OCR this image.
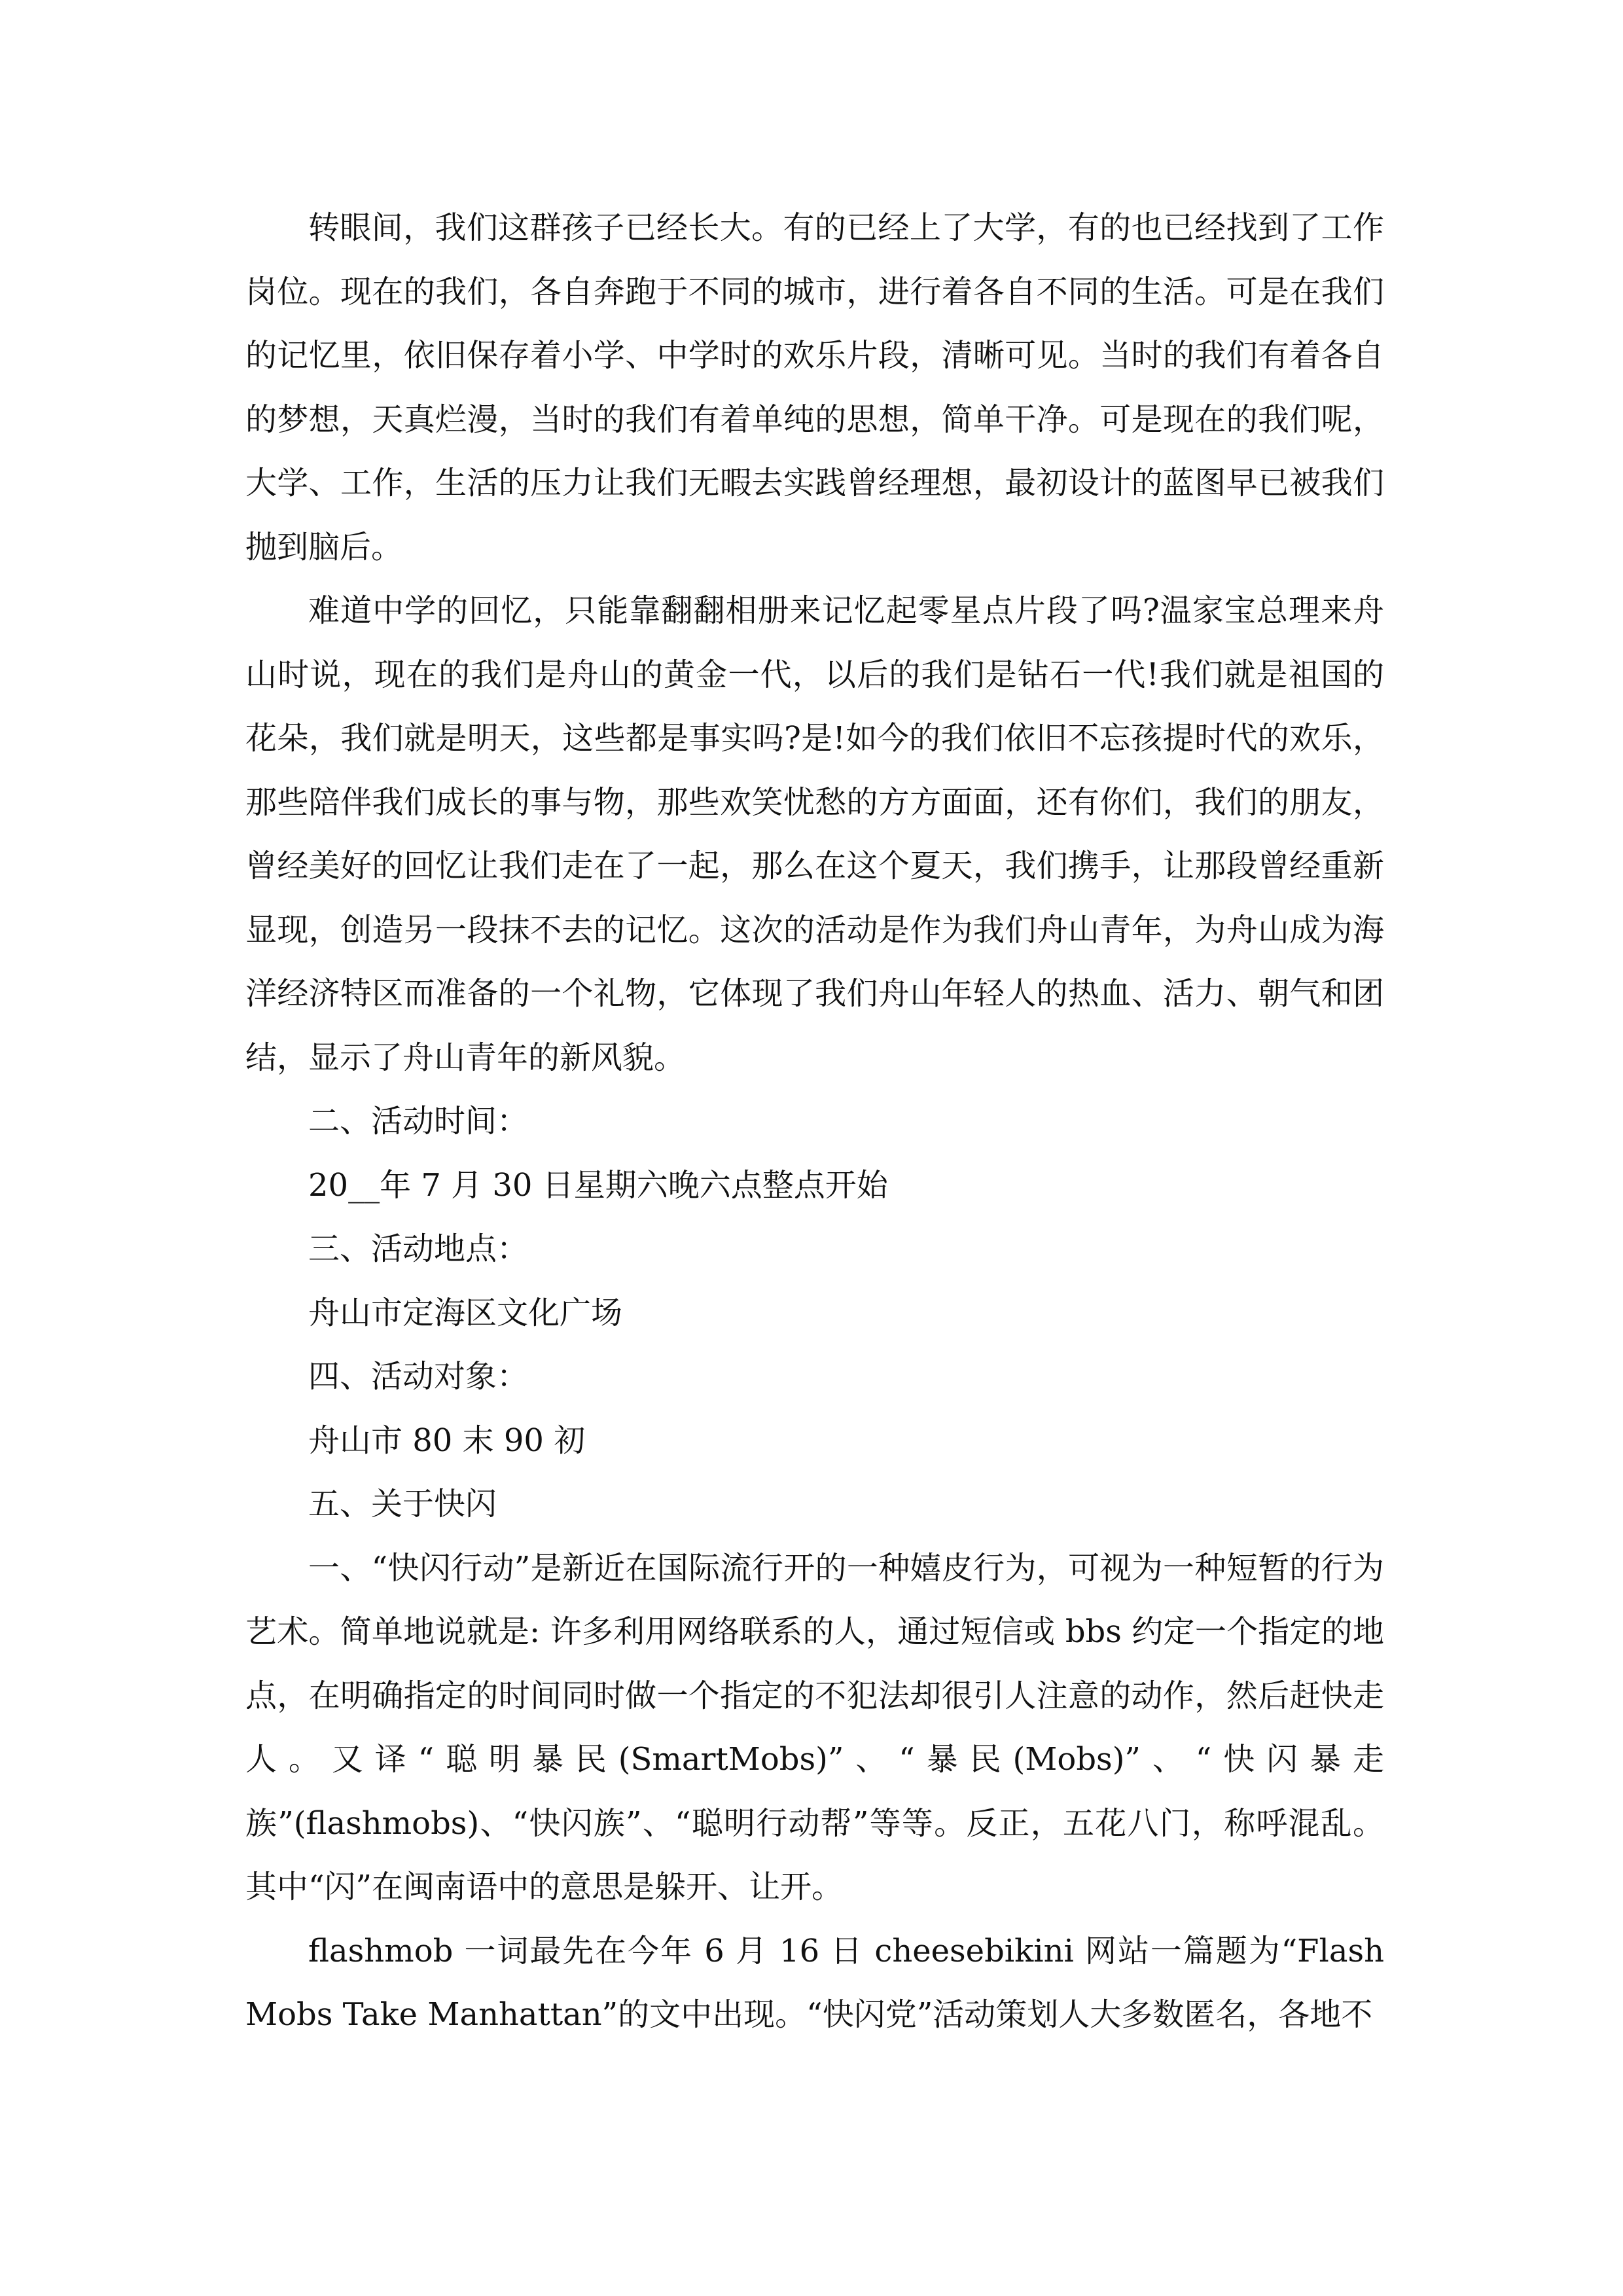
转眼间，我们这群孩子已经长大。有的已经上了大学，有的也已经找到了工作岗位。现在的我们，各自奔跑于不同的城市，进行着各自不同的生活。可是在我们的记忆里，依旧保存着小学、中学时的欢乐片段，清晰可见。当时的我们有着各自的梦想，天真烂漫，当时的我们有着单纯的思想，简单干净。可是现在的我们呢，大学、工作，生活的压力让我们无暇去实践曾经理想，最初设计的蓝图早已被我们抛到脑后。

难道中学的回忆，只能靠翻翻相册来记忆起零星点片段了吗?温家宝总理来舟山时说，现在的我们是舟山的黄金一代，以后的我们是钻石一代!我们就是祖国的花朵，我们就是明天，这些都是事实吗?是!如今的我们依旧不忘孩提时代的欢乐，那些陪伴我们成长的事与物，那些欢笑忧愁的方方面面，还有你们，我们的朋友，曾经美好的回忆让我们走在了一起，那么在这个夏天，我们携手，让那段曾经重新显现，创造另一段抹不去的记忆。这次的活动是作为我们舟山青年，为舟山成为海洋经济特区而准备的一个礼物，它体现了我们舟山年轻人的热血、活力、朝气和团结，显示了舟山青年的新风貌。

二、活动时间：

20__年 7 月 30 日星期六晚六点整点开始

三、活动地点：

舟山市定海区文化广场

四、活动对象：

舟山市 80 末 90 初

五、关于快闪

一、“快闪行动”是新近在国际流行开的一种嬉皮行为，可视为一种短暂的行为艺术。简单地说就是: 许多利用网络联系的人，通过短信或 bbs 约定一个指定的地点，在明确指定的时间同时做一个指定的不犯法却很引人注意的动作，然后赶快走人。又译“聪明暴民(SmartMobs)”、“暴民(Mobs)”、“快闪暴走族”(flashmobs)、“快闪族”、“聪明行动帮”等等。反正，五花八门，称呼混乱。其中“闪”在闽南语中的意思是躲开、让开。

flashmob 一词最先在今年 6 月 16 日 cheesebikini 网站一篇题为“Flash Mobs Take Manhattan”的文中出现。“快闪党”活动策划人大多数匿名，各地不
